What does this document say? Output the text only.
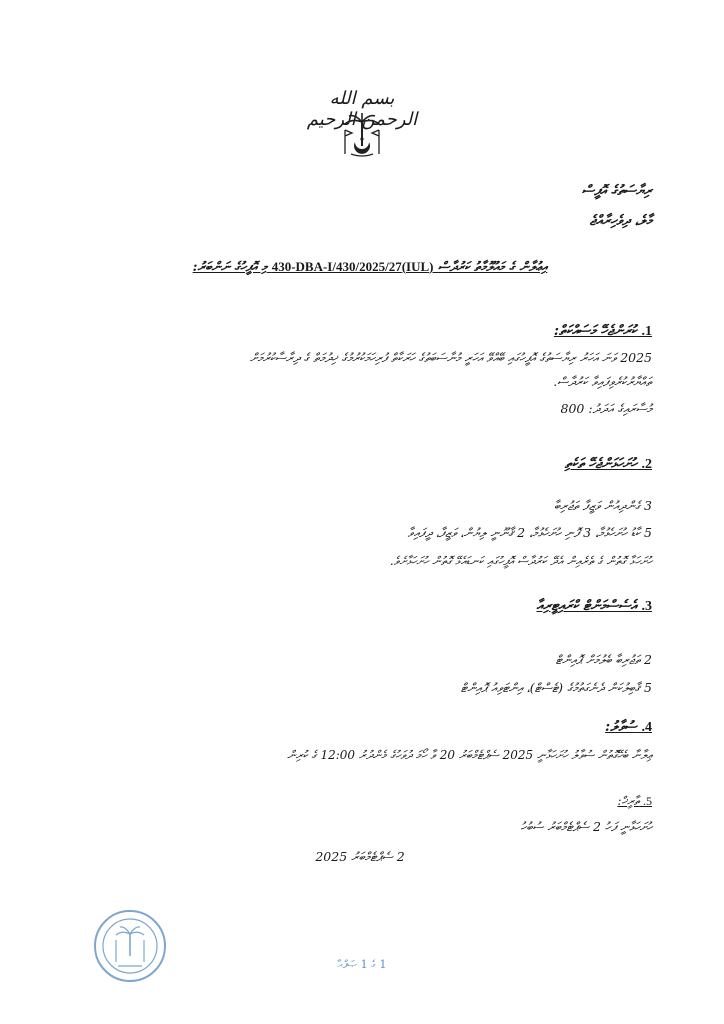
بسم الله الرحمن الرحيم
ރިޔާސަތުގެ އޮފީސް
މާލެ، ދިވެހިރާއްޖެ
އިޢުލާން ގެ މައުލޫމާތު ކަރުދާސް (IUL)430-DBA-I/430/2025/27 މި އޮފީހުގެ ނަންބަރު:
1. ކުރަންޖެހޭ މަސައްކަތް:
2025 ވަނަ އަހަރު ރިޔާސަތުގެ އޮފީހުގައި ބޭއްވޭ އަހަރީ މުނާސަބަތުގެ ހަރަކާތް ފުރިހަމަކުރުމުގެ ޚިދުމަތް ގެ ދިރާސާކުރުމަށް
ތައްޔާރުކުރެވިފައިވާ ކަރުދާސް.
މުސާރައިގެ އަދަދު: 800
2. ހުށަހަޅަންޖެހޭ ތަކެތި
3 ގެންދިއުން ވަޒީފާ ތަޖުރިބާ
5 ކާޑު ހުށަހެޅުމާ، 3 ފޮނި ހުށަހެޅުމާ، 2 ޤާނޫނީ ލިޔުން، ވަޒީފާ، ދީފައިވާ
ހުށަހަޅާ ގޮތުން ގެ ތެރެއިން އެދޭ ކަރުދާސް އޮފީހުގައި ކަނޑައެޅޭ ގޮތުން ހުށަހަޅާށެވެ.
3. އެސެސްމަންޓް ކްރައިޓީރިއާ
2 ތަޖުރިބާ ބެލުމަށް ޕޮއިންޓް
5 ޤާބިލުކަން ދެނެގަތުމުގެ (ޓެސްޓް)، އިންޓަވިއު ޕޮއިންޓް
4. ސުވާލު:
ޢިލާނާ ބެހޭގޮތުން ސުވާލު ހުށަހަޅާނީ 2025 ސެޕްޓެމްބަރު 20 ވާ ހޯމަ ދުވަހުގެ މެންދުރު 12:00 ގެ ކުރިން
5. ތާރީޚް:
ހުށަހަޅާނީ ފަހު 2 ސެޕްޓެމްބަރު ސުބުހު
2 ސެޕްޓެމްބަރު 2025
1 ގެ 1 ޞަފްޙާ
